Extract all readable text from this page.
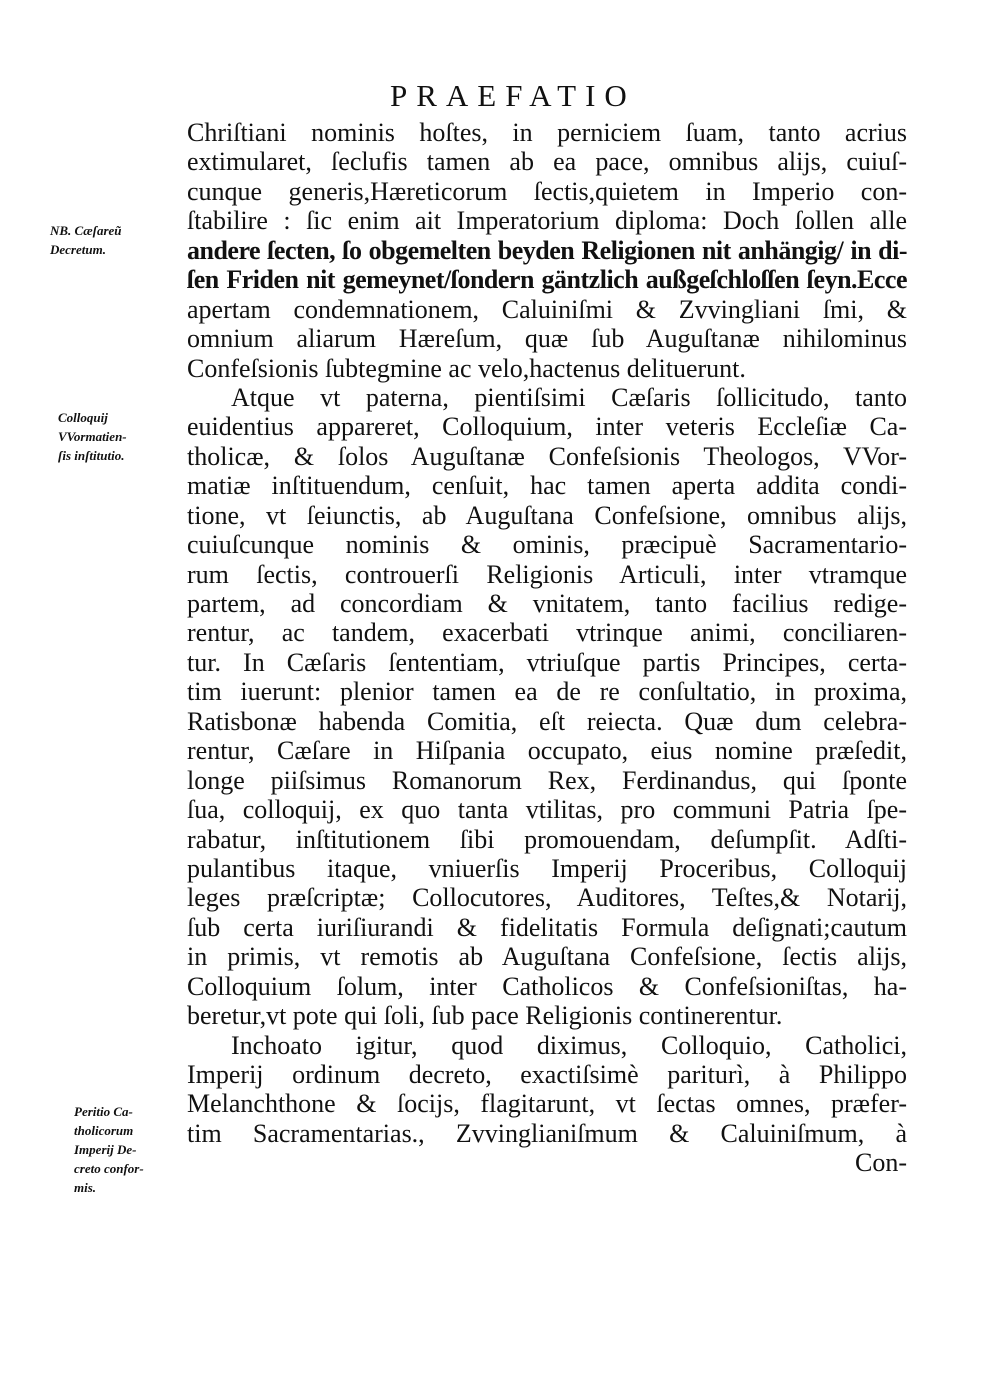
PRAEFATIO
NB. Cæſareũ
Decretum.
Colloquij
VVormatien-
ſis inſtitutio.
Peritio Ca-
tholicorum
Imperij De-
creto confor-
mis.
Chriſtiani nominis hoſtes, in perniciem ſuam, tanto acrius
extimularet, ſeclufis tamen ab ea pace, omnibus alijs, cuiuſ-
cunque generis,Hæreticorum ſectis,quietem in Imperio con-
ſtabilire : ſic enim ait Imperatorium diploma: Doch ſollen alle
andere ſecten, ſo obgemelten beyden Religionen nit anhängig/ in di-
ſen Friden nit gemeynet/ſondern gäntzlich außgeſchloſſen ſeyn.Ecce
apertam condemnationem, Caluiniſmi & Zvvingliani ſmi, &
omnium aliarum Hæreſum, quæ ſub Auguſtanæ nihilominus
Confeſsionis ſubtegmine ac velo,hactenus delituerunt.
Atque vt paterna, pientiſsimi Cæſaris ſollicitudo, tanto
euidentius appareret, Colloquium, inter veteris Eccleſiæ Ca-
tholicæ, & ſolos Auguſtanæ Confeſsionis Theologos, VVor-
matiæ inſtituendum, cenſuit, hac tamen aperta addita condi-
tione, vt ſeiunctis, ab Auguſtana Confeſsione, omnibus alijs,
cuiuſcunque nominis & ominis, præcipuè Sacramentario-
rum ſectis, controuerſi Religionis Articuli, inter vtramque
partem, ad concordiam & vnitatem, tanto facilius redige-
rentur, ac tandem, exacerbati vtrinque animi, conciliaren-
tur. In Cæſaris ſententiam, vtriuſque partis Principes, certa-
tim iuerunt: plenior tamen ea de re conſultatio, in proxima,
Ratisbonæ habenda Comitia, eſt reiecta. Quæ dum celebra-
rentur, Cæſare in Hiſpania occupato, eius nomine præſedit,
longe piiſsimus Romanorum Rex, Ferdinandus, qui ſponte
ſua, colloquij, ex quo tanta vtilitas, pro communi Patria ſpe-
rabatur, inſtitutionem ſibi promouendam, deſumpſit. Adſti-
pulantibus itaque, vniuerſis Imperij Proceribus, Colloquij
leges præſcriptæ; Collocutores, Auditores, Teſtes,& Notarij,
ſub certa iuriſiurandi & fidelitatis Formula deſignati;cautum
in primis, vt remotis ab Auguſtana Confeſsione, ſectis alijs,
Colloquium ſolum, inter Catholicos & Confeſsioniſtas, ha-
beretur,vt pote qui ſoli, ſub pace Religionis continerentur.
Inchoato igitur, quod diximus, Colloquio, Catholici,
Imperij ordinum decreto, exactiſsimè pariturì, à Philippo
Melanchthone & ſocijs, flagitarunt, vt ſectas omnes, præfer-
tim Sacramentarias., Zvvinglianiſmum & Caluiniſmum, à
Con-
